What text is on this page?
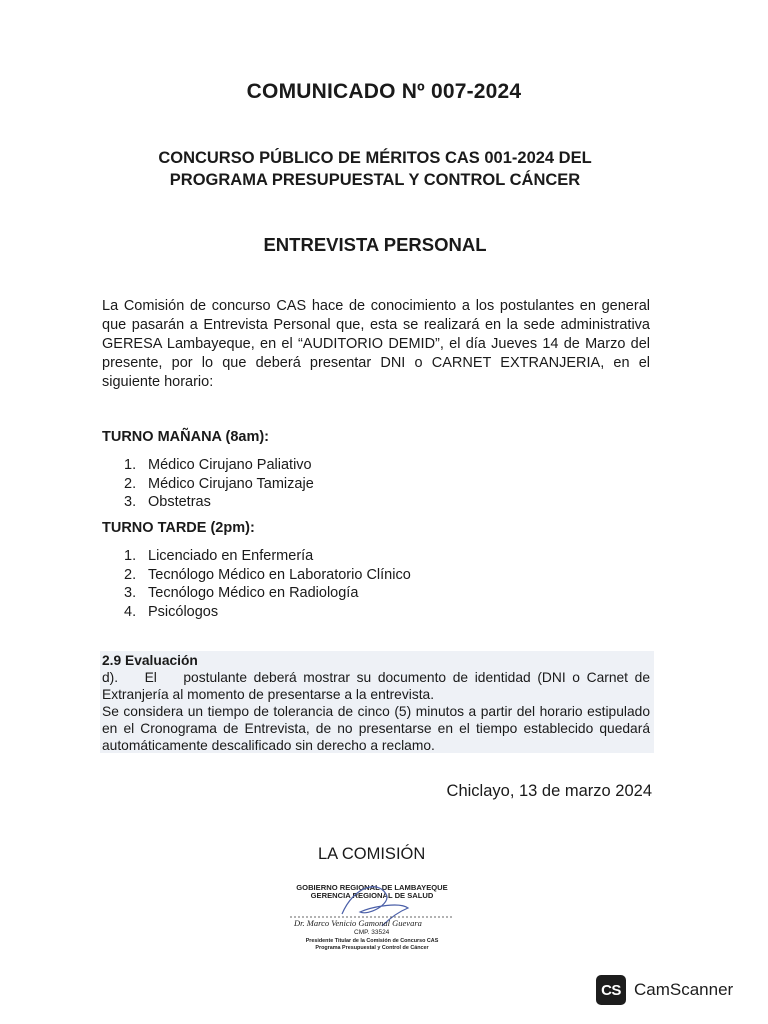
COMUNICADO Nº 007-2024
CONCURSO PÚBLICO DE MÉRITOS CAS 001-2024 DEL
PROGRAMA PRESUPUESTAL Y CONTROL CÁNCER
ENTREVISTA PERSONAL
La Comisión de concurso CAS hace de conocimiento a los postulantes en general que pasarán a Entrevista Personal que, esta se realizará en la sede administrativa GERESA Lambayeque, en el “AUDITORIO DEMID”, el día Jueves 14 de Marzo del presente, por lo que deberá presentar DNI o CARNET EXTRANJERIA, en el siguiente horario:
TURNO MAÑANA (8am):
1. Médico Cirujano Paliativo
2. Médico Cirujano Tamizaje
3. Obstetras
TURNO TARDE (2pm):
1. Licenciado en Enfermería
2. Tecnólogo Médico en Laboratorio Clínico
3. Tecnólogo Médico en Radiología
4. Psicólogos
2.9 Evaluación
d).    El    postulante deberá mostrar su documento de identidad (DNI o Carnet de Extranjería al momento de presentarse a la entrevista.
Se considera un tiempo de tolerancia de cinco (5) minutos a partir del horario estipulado en el Cronograma de Entrevista, de no presentarse en el tiempo establecido quedará automáticamente descalificado sin derecho a reclamo.
Chiclayo, 13 de marzo 2024
LA COMISIÓN
GOBIERNO REGIONAL DE LAMBAYEQUE
GERENCIA REGIONAL DE SALUD
Dr. Marco Venicio Gamonal Guevara
CMP. 33524
Presidente Titular de la Comisión de Concurso CAS
Programa Presupuestal y Control de Cáncer
CS CamScanner
